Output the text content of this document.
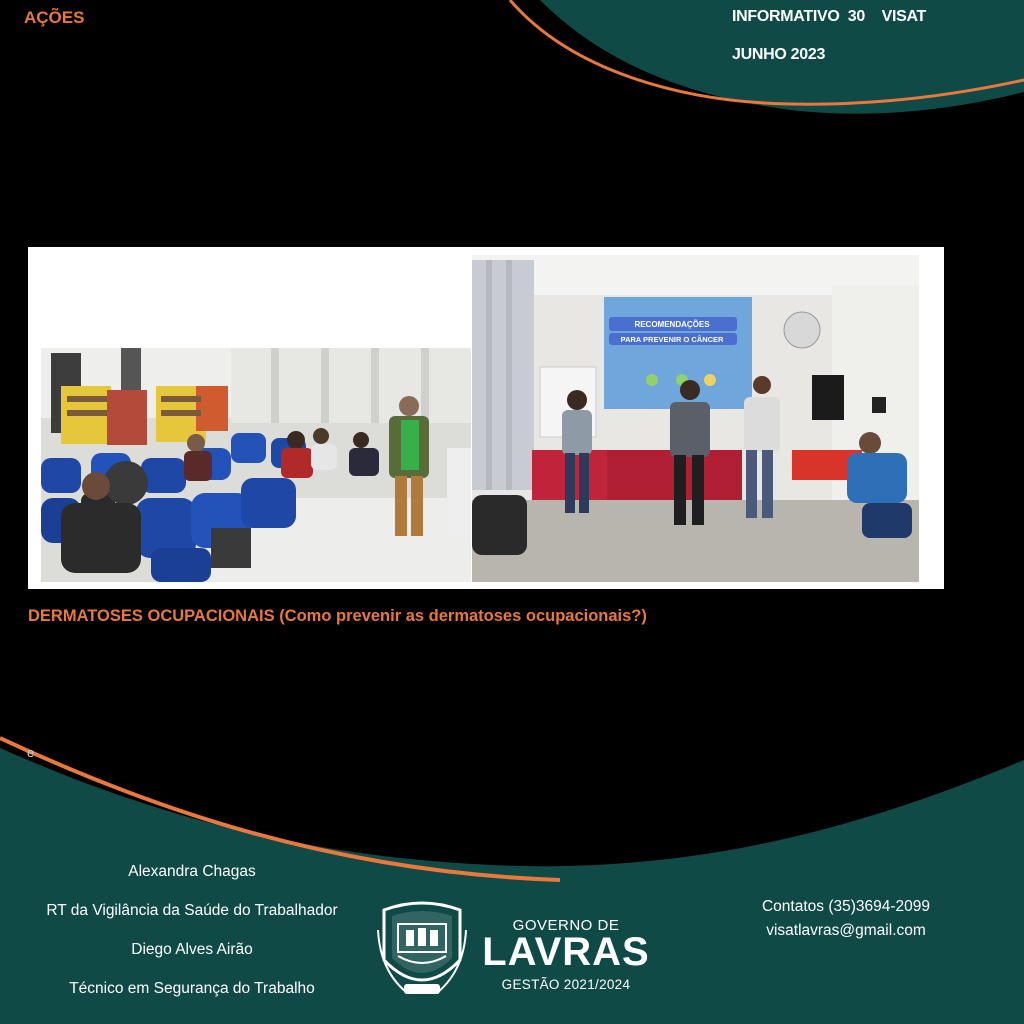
AÇÕES	INFORMATIVO  30    VISAT
JUNHO 2023
RECOMENDAÇÕES
PARA PREVENIR O CÂNCER
DERMATOSES OCUPACIONAIS (Como prevenir as dermatoses ocupacionais?)
e
Alexandra Chagas
RT da Vigilância da Saúde do Trabalhador
Diego Alves Airão
Técnico em Segurança do Trabalho
Contatos (35)3694-2099
visatlavras@gmail.com
GOVERNO DE
LAVRAS
GESTÃO 2021/2024
